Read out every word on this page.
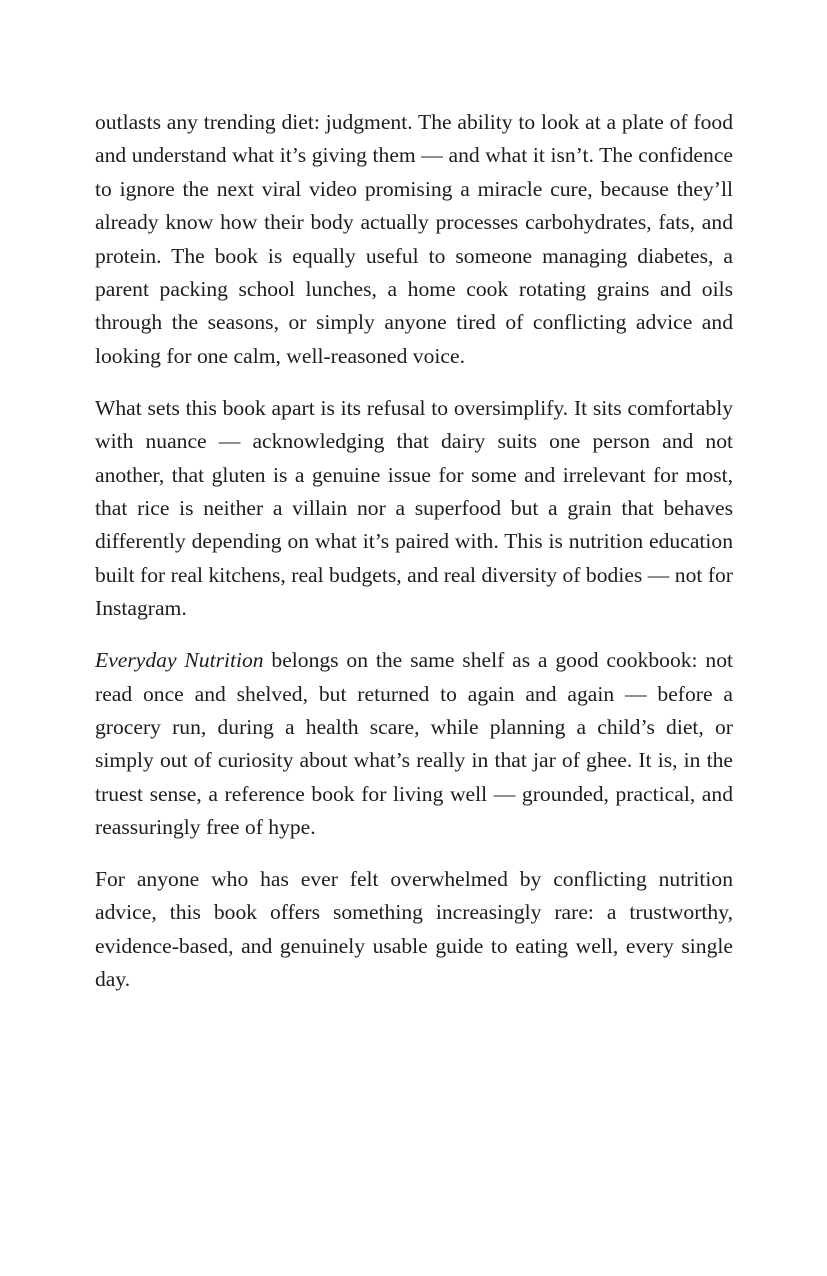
outlasts any trending diet: judgment. The ability to look at a plate of food and understand what it’s giving them — and what it isn’t. The confidence to ignore the next viral video promising a miracle cure, because they’ll already know how their body actually processes carbohydrates, fats, and protein. The book is equally useful to someone managing diabetes, a parent packing school lunches, a home cook rotating grains and oils through the seasons, or simply anyone tired of conflicting advice and looking for one calm, well-reasoned voice.

What sets this book apart is its refusal to oversimplify. It sits comfortably with nuance — acknowledging that dairy suits one person and not another, that gluten is a genuine issue for some and irrelevant for most, that rice is neither a villain nor a superfood but a grain that behaves differently depending on what it’s paired with. This is nutrition education built for real kitchens, real budgets, and real diversity of bodies — not for Instagram.

Everyday Nutrition belongs on the same shelf as a good cookbook: not read once and shelved, but returned to again and again — before a grocery run, during a health scare, while planning a child’s diet, or simply out of curiosity about what’s really in that jar of ghee. It is, in the truest sense, a reference book for living well — grounded, practical, and reassuringly free of hype.

For anyone who has ever felt overwhelmed by conflicting nutrition advice, this book offers something increasingly rare: a trustworthy, evidence-based, and genuinely usable guide to eating well, every single day.
